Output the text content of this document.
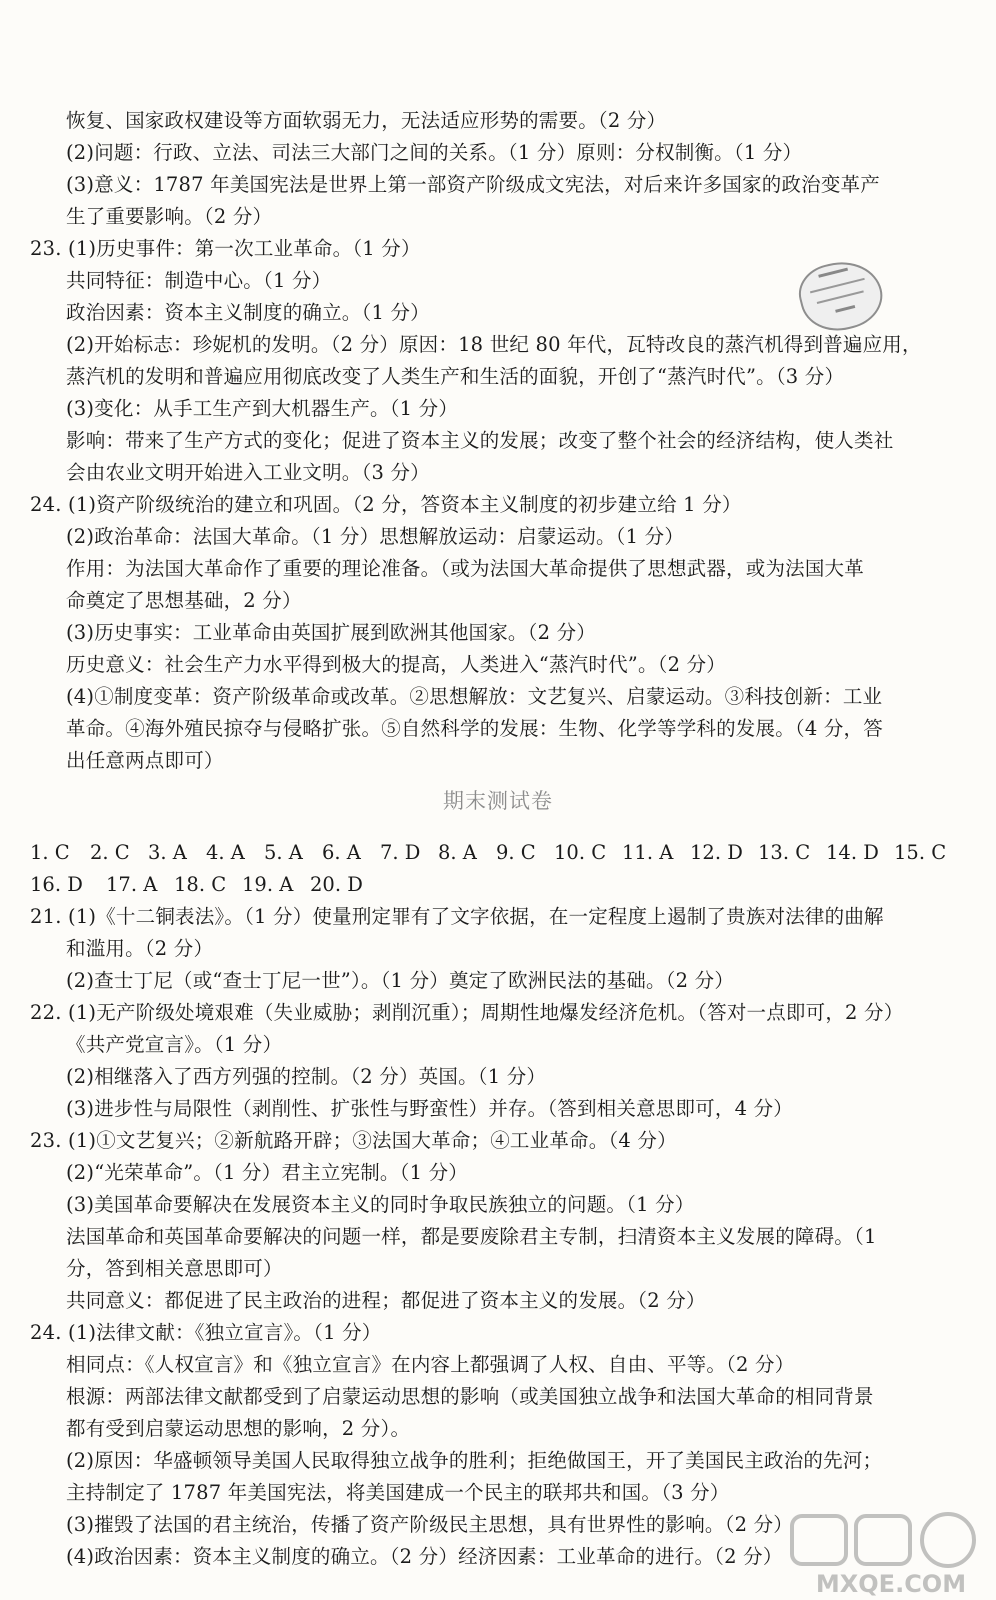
恢复、国家政权建设等方面软弱无力，无法适应形势的需要。（2 分）
(2)问题：行政、立法、司法三大部门之间的关系。（1 分）原则：分权制衡。（1 分）
(3)意义：1787 年美国宪法是世界上第一部资产阶级成文宪法，对后来许多国家的政治变革产
生了重要影响。（2 分）
23. (1)历史事件：第一次工业革命。（1 分）
共同特征：制造中心。（1 分）
政治因素：资本主义制度的确立。（1 分）
(2)开始标志：珍妮机的发明。（2 分）原因：18 世纪 80 年代，瓦特改良的蒸汽机得到普遍应用，
蒸汽机的发明和普遍应用彻底改变了人类生产和生活的面貌，开创了“蒸汽时代”。（3 分）
(3)变化：从手工生产到大机器生产。（1 分）
影响：带来了生产方式的变化；促进了资本主义的发展；改变了整个社会的经济结构，使人类社
会由农业文明开始进入工业文明。（3 分）
24. (1)资产阶级统治的建立和巩固。（2 分，答资本主义制度的初步建立给 1 分）
(2)政治革命：法国大革命。（1 分）思想解放运动：启蒙运动。（1 分）
作用：为法国大革命作了重要的理论准备。（或为法国大革命提供了思想武器，或为法国大革
命奠定了思想基础，2 分）
(3)历史事实：工业革命由英国扩展到欧洲其他国家。（2 分）
历史意义：社会生产力水平得到极大的提高，人类进入“蒸汽时代”。（2 分）
(4)①制度变革：资产阶级革命或改革。②思想解放：文艺复兴、启蒙运动。③科技创新：工业
革命。④海外殖民掠夺与侵略扩张。⑤自然科学的发展：生物、化学等学科的发展。（4 分，答
出任意两点即可）
期末测试卷
1. C 2. C 3. A 4. A 5. A 6. A 7. D 8. A 9. C 10. C 11. A 12. D 13. C 14. D 15. C
16. D 17. A 18. C 19. A 20. D
21. (1)《十二铜表法》。（1 分）使量刑定罪有了文字依据，在一定程度上遏制了贵族对法律的曲解
和滥用。（2 分）
(2)查士丁尼（或“查士丁尼一世”）。（1 分）奠定了欧洲民法的基础。（2 分）
22. (1)无产阶级处境艰难（失业威胁；剥削沉重）；周期性地爆发经济危机。（答对一点即可，2 分）
《共产党宣言》。（1 分）
(2)相继落入了西方列强的控制。（2 分）英国。（1 分）
(3)进步性与局限性（剥削性、扩张性与野蛮性）并存。（答到相关意思即可，4 分）
23. (1)①文艺复兴；②新航路开辟；③法国大革命；④工业革命。（4 分）
(2)“光荣革命”。（1 分）君主立宪制。（1 分）
(3)美国革命要解决在发展资本主义的同时争取民族独立的问题。（1 分）
法国革命和英国革命要解决的问题一样，都是要废除君主专制，扫清资本主义发展的障碍。（1
分，答到相关意思即可）
共同意义：都促进了民主政治的进程；都促进了资本主义的发展。（2 分）
24. (1)法律文献：《独立宣言》。（1 分）
相同点：《人权宣言》和《独立宣言》在内容上都强调了人权、自由、平等。（2 分）
根源：两部法律文献都受到了启蒙运动思想的影响（或美国独立战争和法国大革命的相同背景
都有受到启蒙运动思想的影响，2 分）。
(2)原因：华盛顿领导美国人民取得独立战争的胜利；拒绝做国王，开了美国民主政治的先河；
主持制定了 1787 年美国宪法，将美国建成一个民主的联邦共和国。（3 分）
(3)摧毁了法国的君主统治，传播了资产阶级民主思想，具有世界性的影响。（2 分）
(4)政治因素：资本主义制度的确立。（2 分）经济因素：工业革命的进行。（2 分）
MXQE.COM
